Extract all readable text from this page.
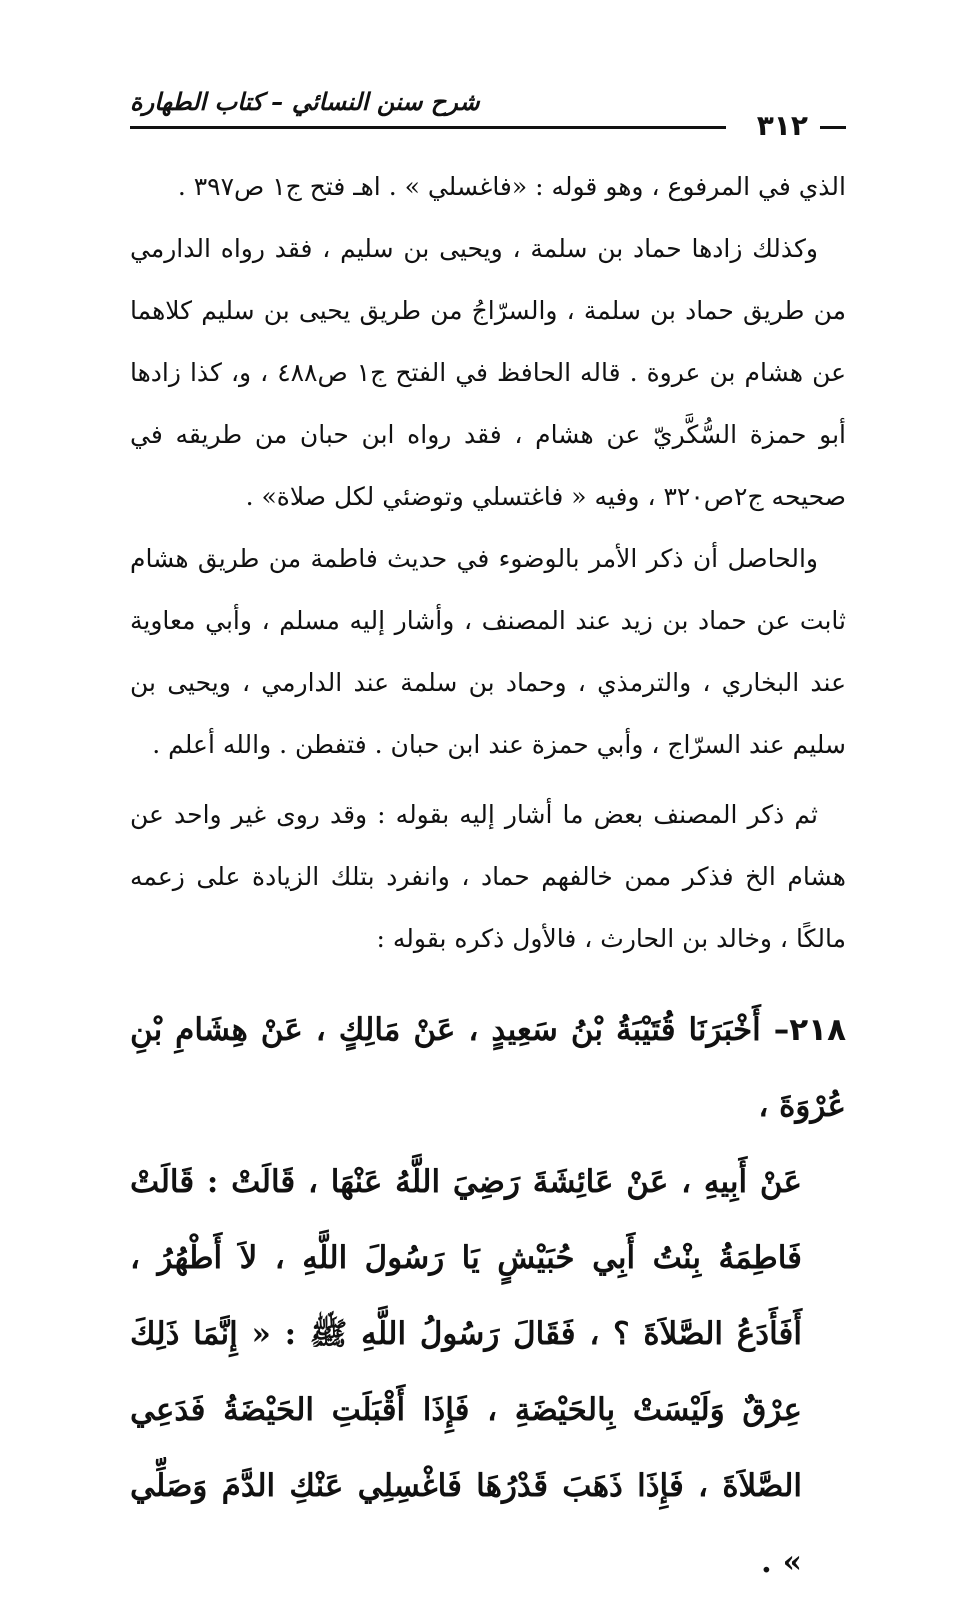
شرح سنن النسائي – كتاب الطهارة
٣١٢

الذي في المرفوع ، وهو قوله : «فاغسلي » . اهـ فتح ج١ ص٣٩٧ .

وكذلك زادها حماد بن سلمة ، ويحيى بن سليم ، فقد رواه الدارمي من طريق حماد بن سلمة ، والسرّاجُ من طريق يحيى بن سليم كلاهما عن هشام بن عروة . قاله الحافظ في الفتح ج١ ص٤٨٨ ، و، كذا زادها أبو حمزة السُّكَّريّ عن هشام ، فقد رواه ابن حبان من طريقه في صحيحه ج٢ص٣٢٠ ، وفيه « فاغتسلي وتوضئي لكل صلاة» .

والحاصل أن ذكر الأمر بالوضوء في حديث فاطمة من طريق هشام ثابت عن حماد بن زيد عند المصنف ، وأشار إليه مسلم ، وأبي معاوية عند البخاري ، والترمذي ، وحماد بن سلمة عند الدارمي ، ويحيى بن سليم عند السرّاج ، وأبي حمزة عند ابن حبان . فتفطن . والله أعلم .

ثم ذكر المصنف بعض ما أشار إليه بقوله : وقد روى غير واحد عن هشام الخ فذكر ممن خالفهم حماد ، وانفرد بتلك الزيادة على زعمه مالكًا ، وخالد بن الحارث ، فالأول ذكره بقوله :

٢١٨– أَخْبَرَنَا قُتَيْبَةُ بْنُ سَعِيدٍ ، عَنْ مَالِكٍ ، عَنْ هِشَامِ بْنِ عُرْوَةَ ،

عَنْ أَبِيهِ ، عَنْ عَائِشَةَ رَضِيَ اللَّهُ عَنْهَا ، قَالَتْ : قَالَتْ فَاطِمَةُ بِنْتُ أَبِي حُبَيْشٍ يَا رَسُولَ اللَّهِ ، لاَ أَطْهُرُ ، أَفَأَدَعُ الصَّلاَةَ ؟ ، فَقَالَ رَسُولُ اللَّهِ ﷺ : « إِنَّمَا ذَلِكَ عِرْقٌ وَلَيْسَتْ بِالحَيْضَةِ ، فَإِذَا أَقْبَلَتِ الحَيْضَةُ فَدَعِي الصَّلاَةَ ، فَإِذَا ذَهَبَ قَدْرُهَا فَاغْسِلِي عَنْكِ الدَّمَ وَصَلِّي » .
